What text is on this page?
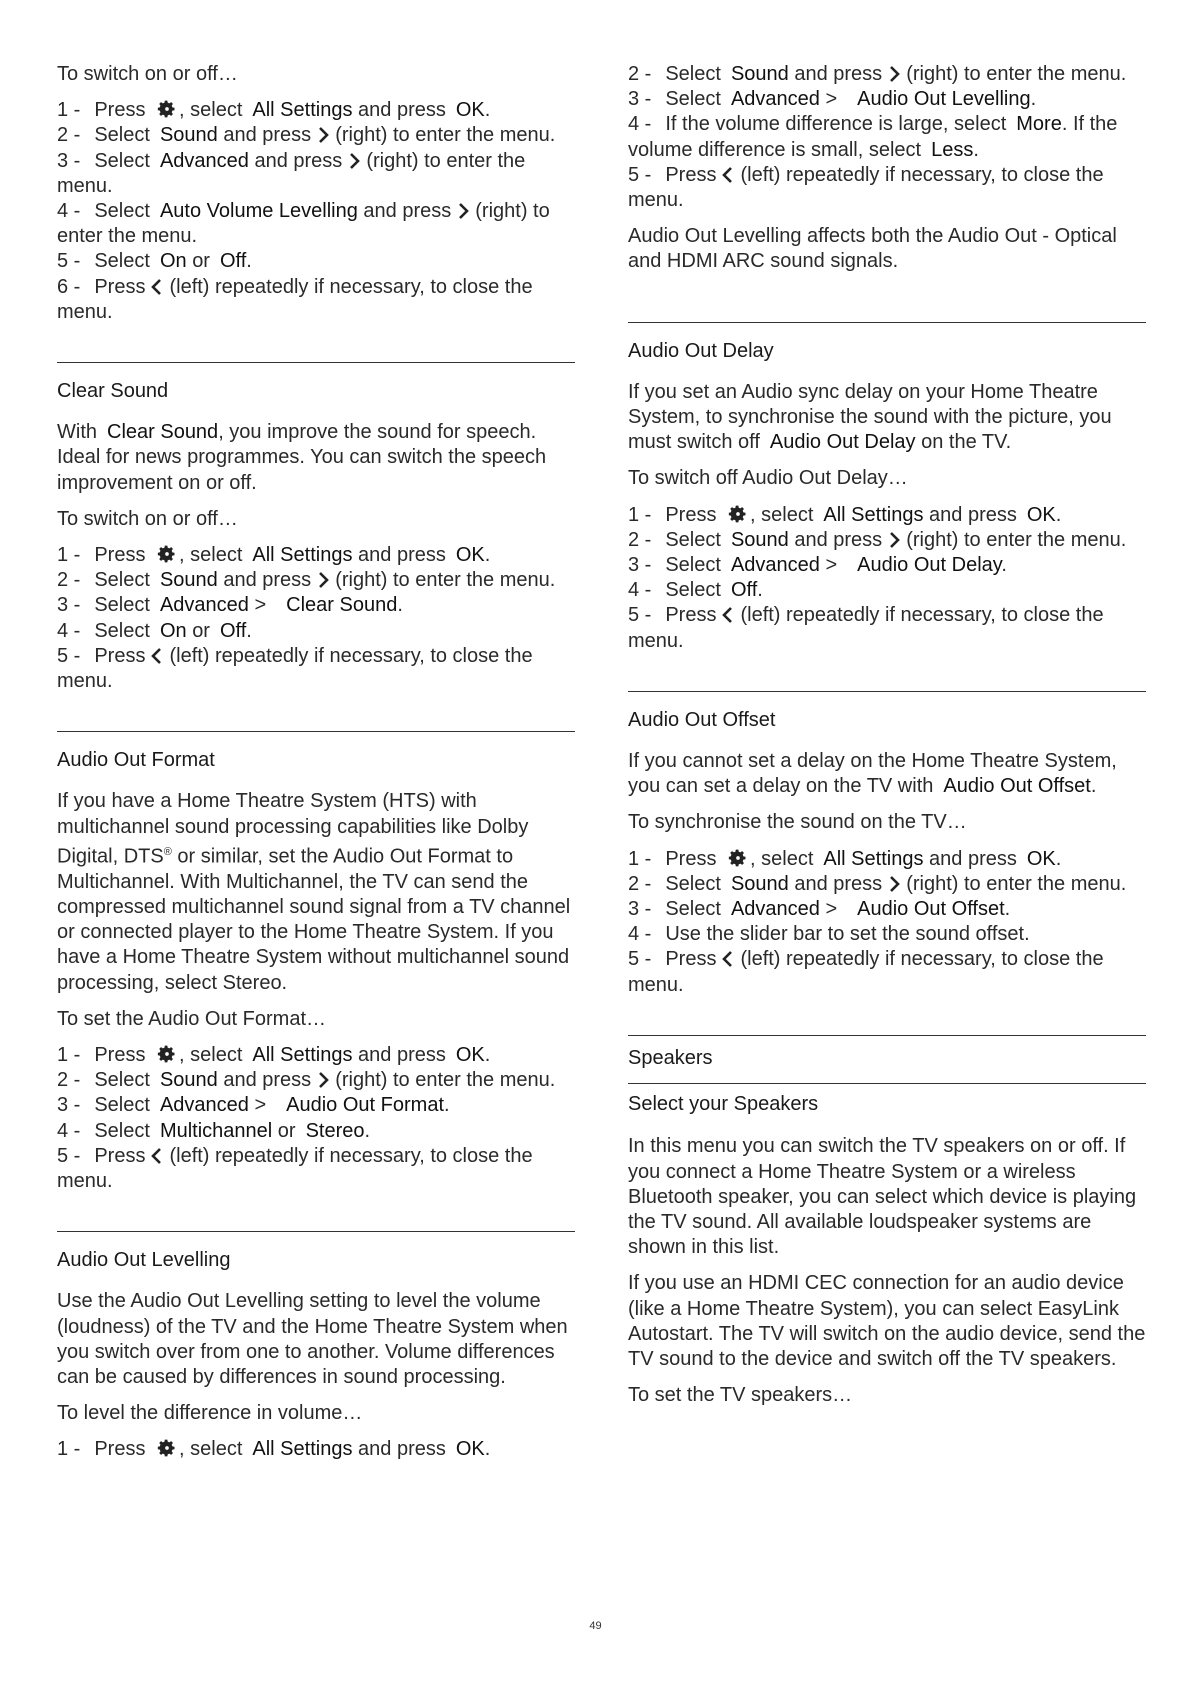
To switch on or off…

1 - Press , select All Settings and press OK.
2 - Select Sound and press (right) to enter the menu.
3 - Select Advanced and press (right) to enter the menu.
4 - Select Auto Volume Levelling and press (right) to enter the menu.
5 - Select On or Off.
6 - Press (left) repeatedly if necessary, to close the menu.
Clear Sound

With Clear Sound, you improve the sound for speech. Ideal for news programmes. You can switch the speech improvement on or off.

To switch on or off…

1 - Press , select All Settings and press OK.
2 - Select Sound and press (right) to enter the menu.
3 - Select Advanced > Clear Sound.
4 - Select On or Off.
5 - Press (left) repeatedly if necessary, to close the menu.
Audio Out Format

If you have a Home Theatre System (HTS) with multichannel sound processing capabilities like Dolby Digital, DTS® or similar, set the Audio Out Format to Multichannel. With Multichannel, the TV can send the compressed multichannel sound signal from a TV channel or connected player to the Home Theatre System. If you have a Home Theatre System without multichannel sound processing, select Stereo.

To set the Audio Out Format…

1 - Press , select All Settings and press OK.
2 - Select Sound and press (right) to enter the menu.
3 - Select Advanced > Audio Out Format.
4 - Select Multichannel or Stereo.
5 - Press (left) repeatedly if necessary, to close the menu.
Audio Out Levelling

Use the Audio Out Levelling setting to level the volume (loudness) of the TV and the Home Theatre System when you switch over from one to another. Volume differences can be caused by differences in sound processing.

To level the difference in volume…

1 - Press , select All Settings and press OK.
2 - Select Sound and press (right) to enter the menu.
3 - Select Advanced > Audio Out Levelling.
4 - If the volume difference is large, select More. If the volume difference is small, select Less.
5 - Press (left) repeatedly if necessary, to close the menu.

Audio Out Levelling affects both the Audio Out - Optical and HDMI ARC sound signals.

Audio Out Delay

If you set an Audio sync delay on your Home Theatre System, to synchronise the sound with the picture, you must switch off Audio Out Delay on the TV.

To switch off Audio Out Delay…

1 - Press , select All Settings and press OK.
2 - Select Sound and press (right) to enter the menu.
3 - Select Advanced > Audio Out Delay.
4 - Select Off.
5 - Press (left) repeatedly if necessary, to close the menu.
Audio Out Offset

If you cannot set a delay on the Home Theatre System, you can set a delay on the TV with Audio Out Offset.

To synchronise the sound on the TV…

1 - Press , select All Settings and press OK.
2 - Select Sound and press (right) to enter the menu.
3 - Select Advanced > Audio Out Offset.
4 - Use the slider bar to set the sound offset.
5 - Press (left) repeatedly if necessary, to close the menu.
Speakers
Select your Speakers

In this menu you can switch the TV speakers on or off. If you connect a Home Theatre System or a wireless Bluetooth speaker, you can select which device is playing the TV sound. All available loudspeaker systems are shown in this list.

If you use an HDMI CEC connection for an audio device (like a Home Theatre System), you can select EasyLink Autostart. The TV will switch on the audio device, send the TV sound to the device and switch off the TV speakers.

To set the TV speakers…

49
